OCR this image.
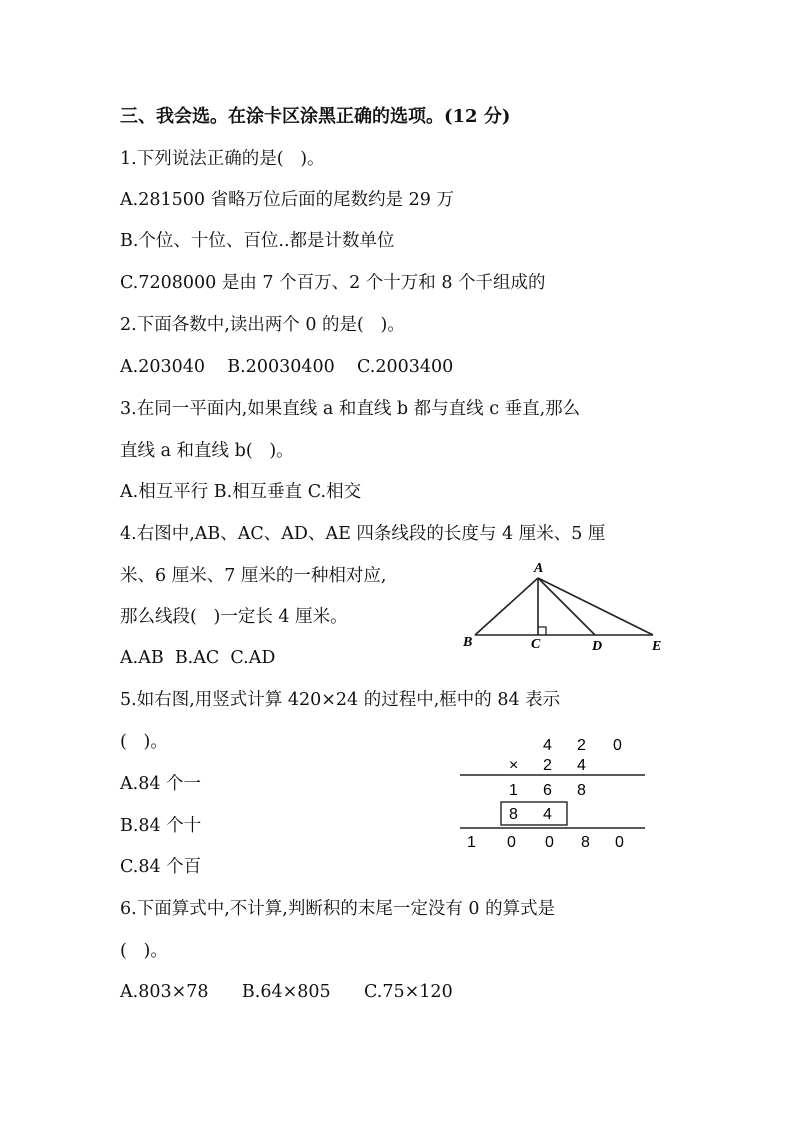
三、我会选。在涂卡区涂黑正确的选项。(12 分)
1.下列说法正确的是(   )。
A.281500 省略万位后面的尾数约是 29 万
B.个位、十位、百位..都是计数单位
C.7208000 是由 7 个百万、2 个十万和 8 个千组成的
2.下面各数中,读出两个 0 的是(   )。
A.203040    B.20030400    C.2003400
3.在同一平面内,如果直线 a 和直线 b 都与直线 c 垂直,那么
直线 a 和直线 b(   )。
A.相互平行 B.相互垂直 C.相交
4.右图中,AB、AC、AD、AE 四条线段的长度与 4 厘米、5 厘
米、6 厘米、7 厘米的一种相对应,
那么线段(   )一定长 4 厘米。
A.AB  B.AC  C.AD
A
B	C	D	E
5.如右图,用竖式计算 420×24 的过程中,框中的 84 表示
(   )。
A.84 个一
B.84 个十
C.84 个百
4 2 0
× 2 4
1 6 8
8 4
1 0 0 8 0
6.下面算式中,不计算,判断积的末尾一定没有 0 的算式是
(   )。
A.803×78      B.64×805      C.75×120
